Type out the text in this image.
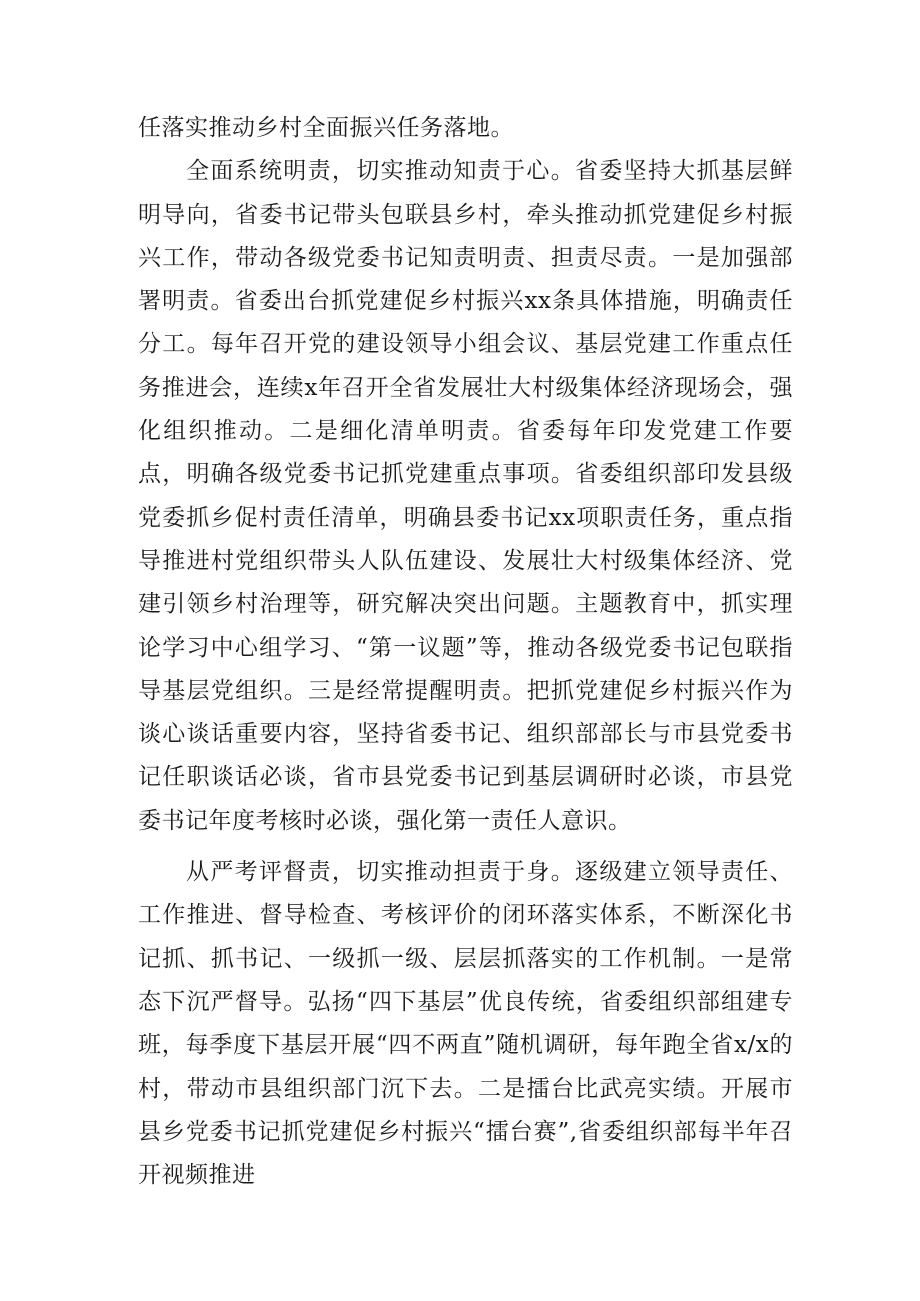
任落实推动乡村全面振兴任务落地。

全面系统明责，切实推动知责于心。省委坚持大抓基层鲜明导向，省委书记带头包联县乡村，牵头推动抓党建促乡村振兴工作，带动各级党委书记知责明责、担责尽责。一是加强部署明责。省委出台抓党建促乡村振兴xx条具体措施，明确责任分工。每年召开党的建设领导小组会议、基层党建工作重点任务推进会，连续x年召开全省发展壮大村级集体经济现场会，强化组织推动。二是细化清单明责。省委每年印发党建工作要点，明确各级党委书记抓党建重点事项。省委组织部印发县级党委抓乡促村责任清单，明确县委书记xx项职责任务，重点指导推进村党组织带头人队伍建设、发展壮大村级集体经济、党建引领乡村治理等，研究解决突出问题。主题教育中，抓实理论学习中心组学习、“第一议题”等，推动各级党委书记包联指导基层党组织。三是经常提醒明责。把抓党建促乡村振兴作为谈心谈话重要内容，坚持省委书记、组织部部长与市县党委书记任职谈话必谈，省市县党委书记到基层调研时必谈，市县党委书记年度考核时必谈，强化第一责任人意识。

从严考评督责，切实推动担责于身。逐级建立领导责任、工作推进、督导检查、考核评价的闭环落实体系，不断深化书记抓、抓书记、一级抓一级、层层抓落实的工作机制。一是常态下沉严督导。弘扬“四下基层”优良传统，省委组织部组建专班，每季度下基层开展“四不两直”随机调研，每年跑全省x/x的村，带动市县组织部门沉下去。二是擂台比武亮实绩。开展市县乡党委书记抓党建促乡村振兴“擂台赛”,省委组织部每半年召开视频推进
